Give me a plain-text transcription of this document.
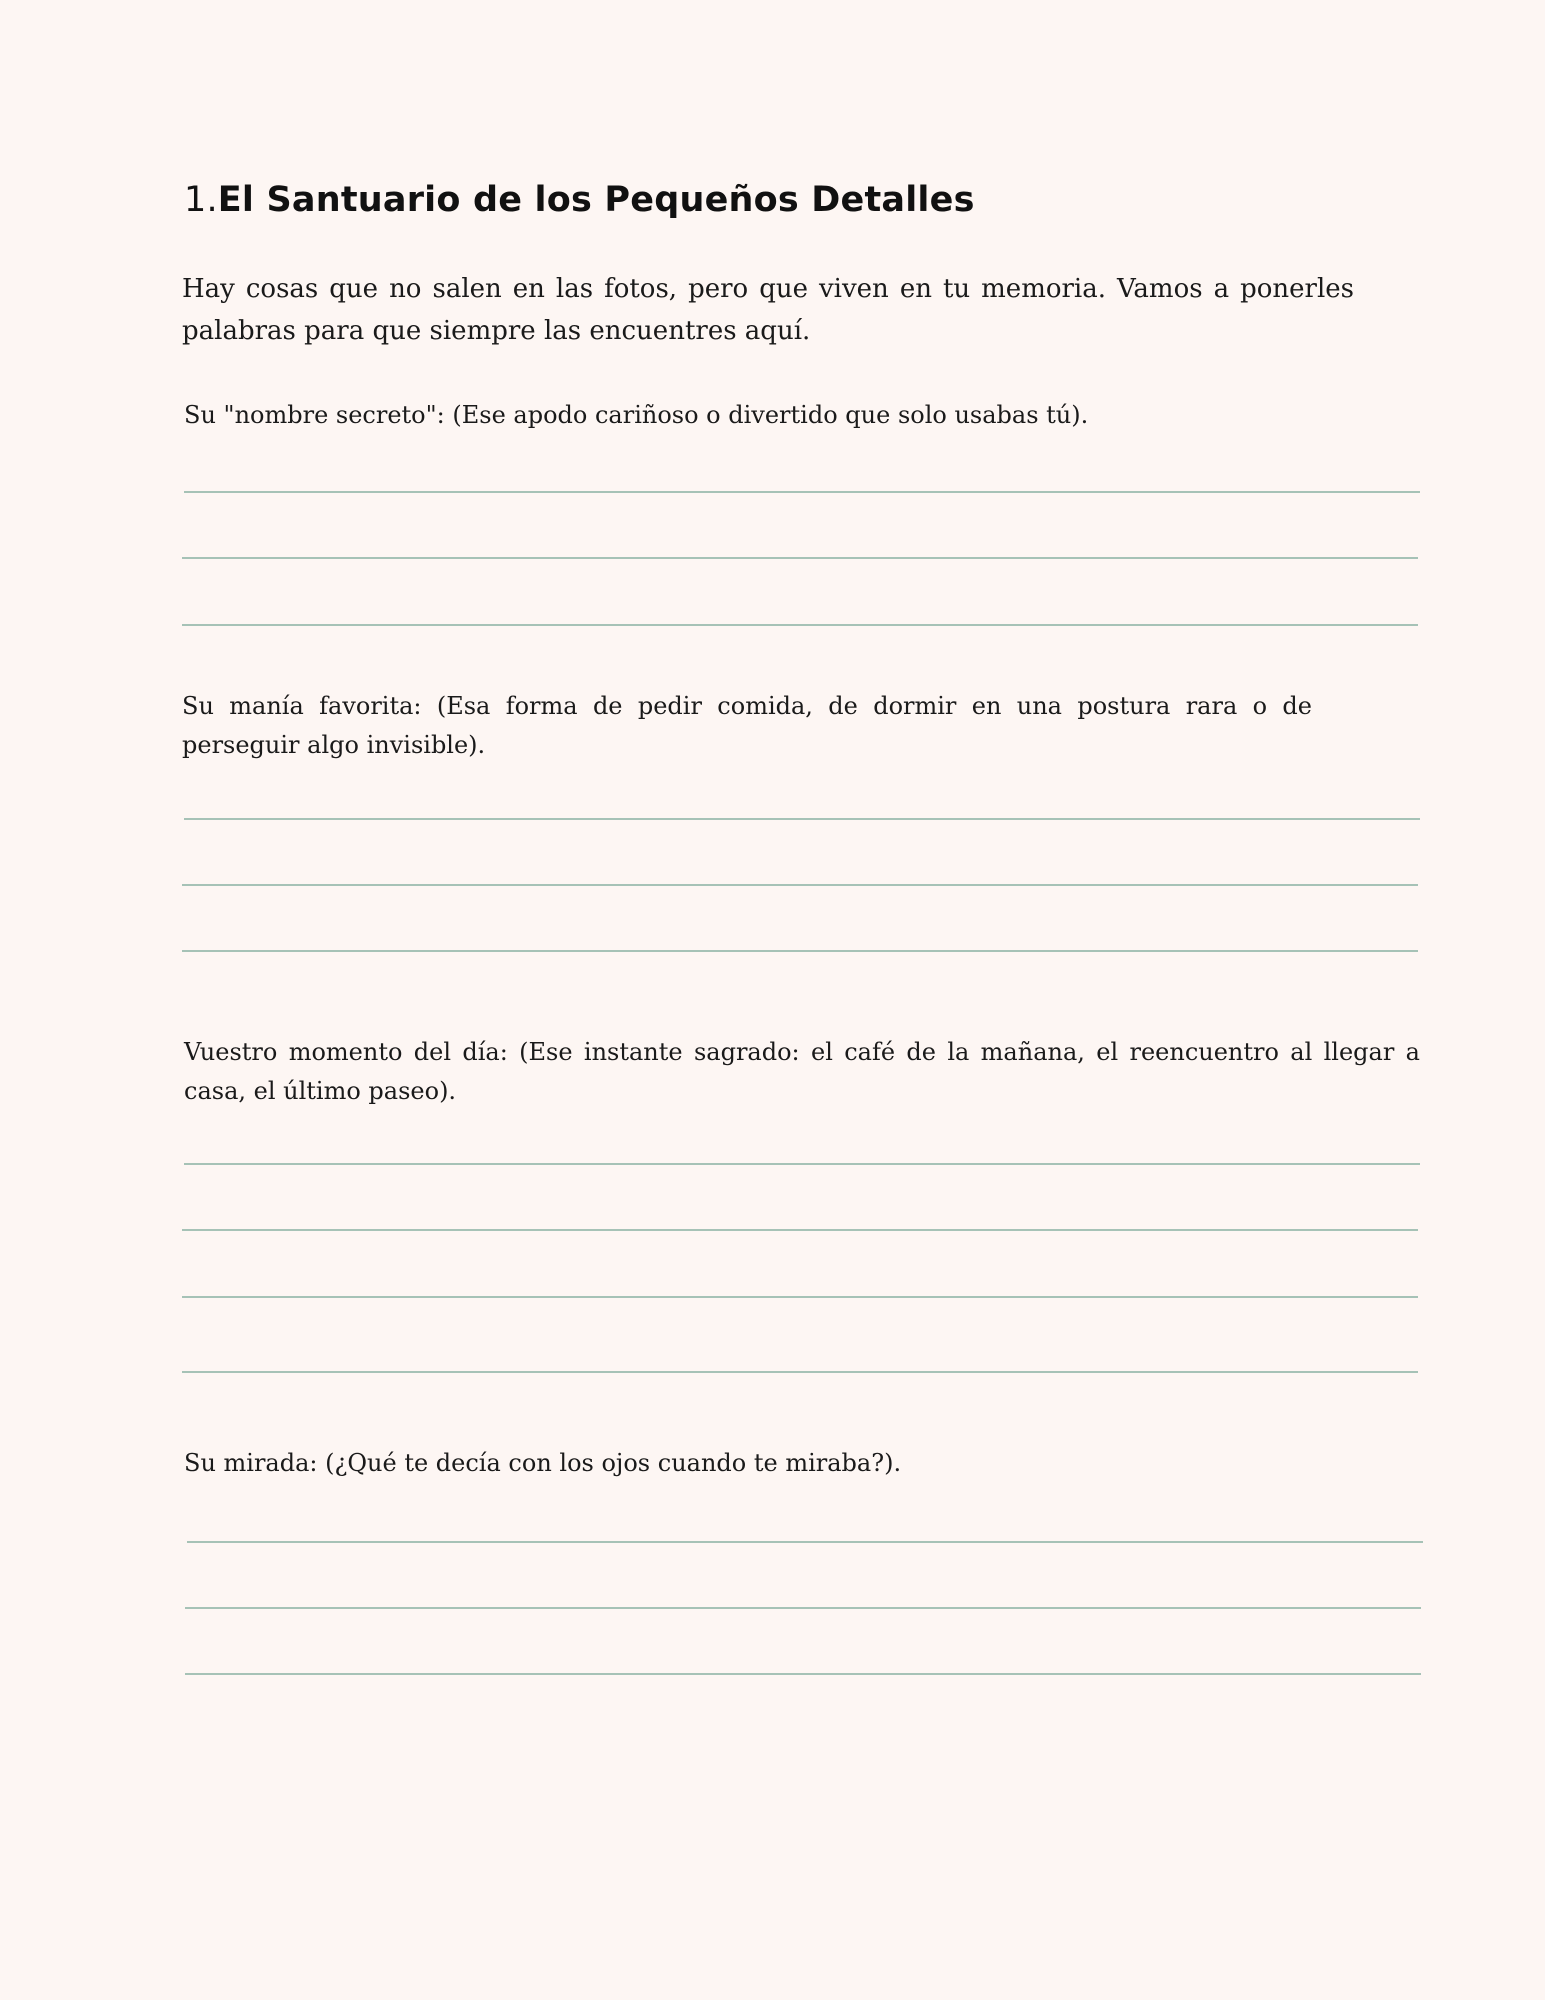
1.El Santuario de los Pequeños Detalles

Hay cosas que no salen en las fotos, pero que viven en tu memoria. Vamos a ponerles palabras para que siempre las encuentres aquí.

Su "nombre secreto": (Ese apodo cariñoso o divertido que solo usabas tú).

Su manía favorita: (Esa forma de pedir comida, de dormir en una postura rara o de perseguir algo invisible).

Vuestro momento del día: (Ese instante sagrado: el café de la mañana, el reencuentro al llegar a casa, el último paseo).

Su mirada: (¿Qué te decía con los ojos cuando te miraba?).
